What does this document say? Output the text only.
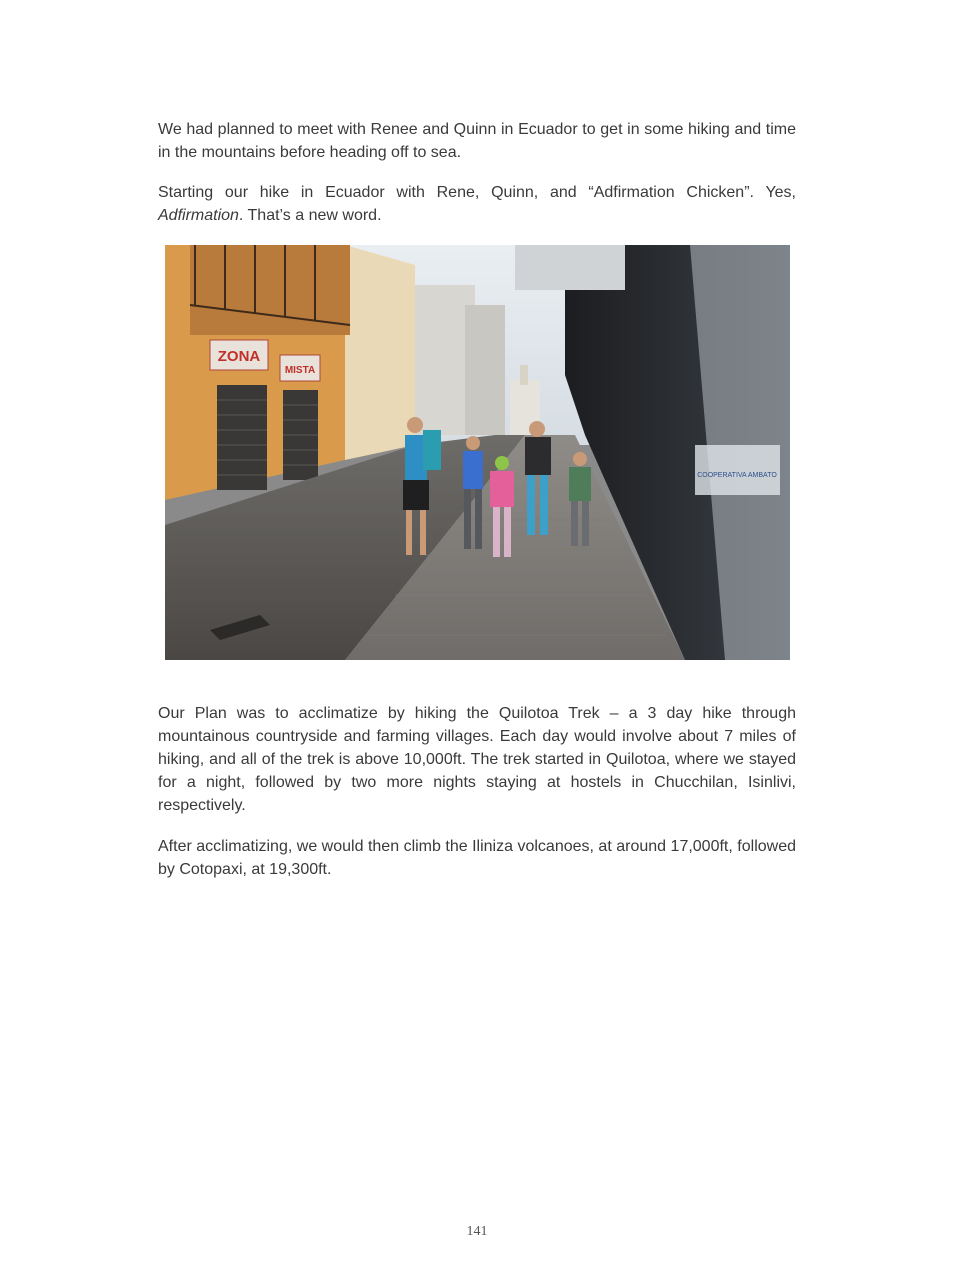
We had planned to meet with Renee and Quinn in Ecuador to get in some hiking and time in the mountains before heading off to sea.

Starting our hike in Ecuador with Rene, Quinn, and “Adfirmation Chicken”. Yes, Adfirmation. That’s a new word.

ZONA
MISTA
COOPERATIVA AMBATO

Our Plan was to acclimatize by hiking the Quilotoa Trek – a 3 day hike through mountainous countryside and farming villages. Each day would involve about 7 miles of hiking, and all of the trek is above 10,000ft. The trek started in Quilotoa, where we stayed for a night, followed by two more nights staying at hostels in Chucchilan, Isinlivi, respectively.

After acclimatizing, we would then climb the Iliniza volcanoes, at around 17,000ft, followed by Cotopaxi, at 19,300ft.

141
